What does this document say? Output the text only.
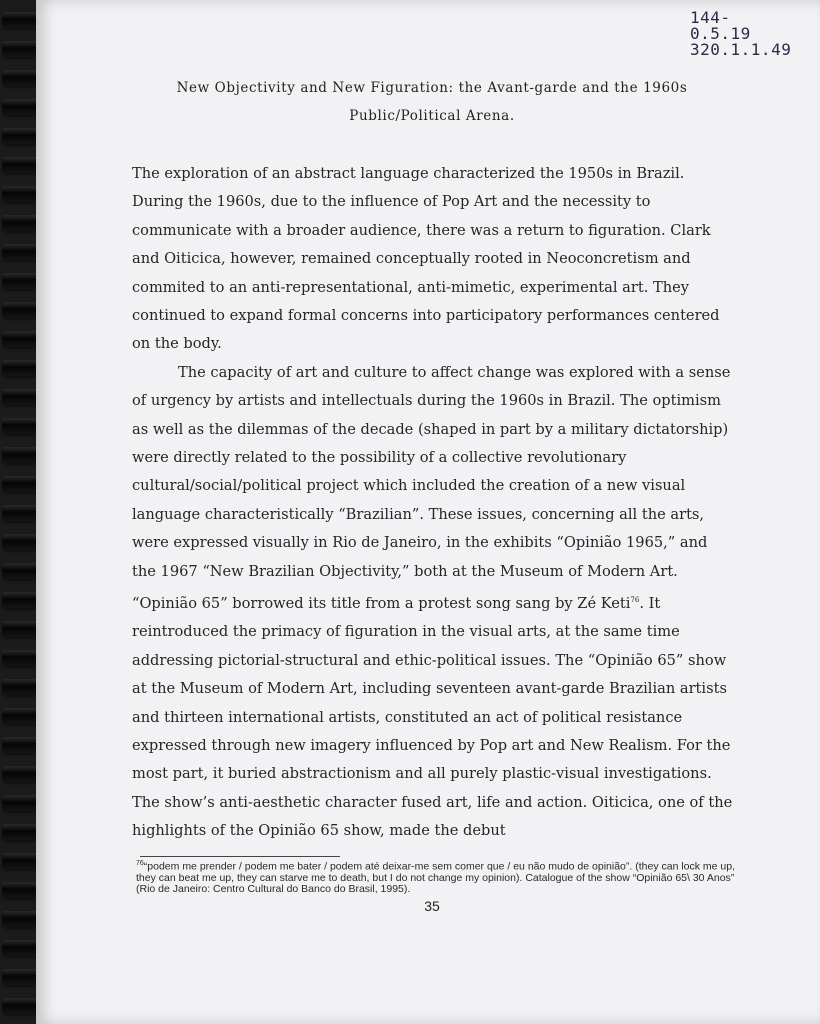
144-0.5.19
320.1.1.49
New Objectivity and New Figuration: the Avant-garde and the 1960s
Public/Political Arena.

The exploration of an abstract language characterized the 1950s in Brazil. During the 1960s, due to the influence of Pop Art and the necessity to communicate with a broader audience, there was a return to figuration. Clark and Oiticica, however, remained conceptually rooted in Neoconcretism and commited to an anti-representational, anti-mimetic, experimental art. They continued to expand formal concerns into participatory performances centered on the body.

The capacity of art and culture to affect change was explored with a sense of urgency by artists and intellectuals during the 1960s in Brazil. The optimism as well as the dilemmas of the decade (shaped in part by a military dictatorship) were directly related to the possibility of a collective revolutionary cultural/social/political project which included the creation of a new visual language characteristically “Brazilian”. These issues, concerning all the arts, were expressed visually in Rio de Janeiro, in the exhibits “Opinião 1965,” and the 1967 “New Brazilian Objectivity,” both at the Museum of Modern Art. “Opinião 65” borrowed its title from a protest song sang by Zé Keti$^{76}$. It reintroduced the primacy of figuration in the visual arts, at the same time addressing pictorial-structural and ethic-political issues. The “Opinião 65” show at the Museum of Modern Art, including seventeen avant-garde Brazilian artists and thirteen international artists, constituted an act of political resistance expressed through new imagery influenced by Pop art and New Realism. For the most part, it buried abstractionism and all purely plastic-visual investigations. The show’s anti-aesthetic character fused art, life and action. Oiticica, one of the highlights of the Opinião 65 show, made the debut

$^{76}$“podem me prender / podem me bater / podem até deixar-me sem comer que / eu não mudo de opinião”. (they can lock me up, they can beat me up, they can starve me to death, but I do not change my opinion). Catalogue of the show “Opinião 65\ 30 Anos” (Rio de Janeiro: Centro Cultural do Banco do Brasil, 1995).
35
